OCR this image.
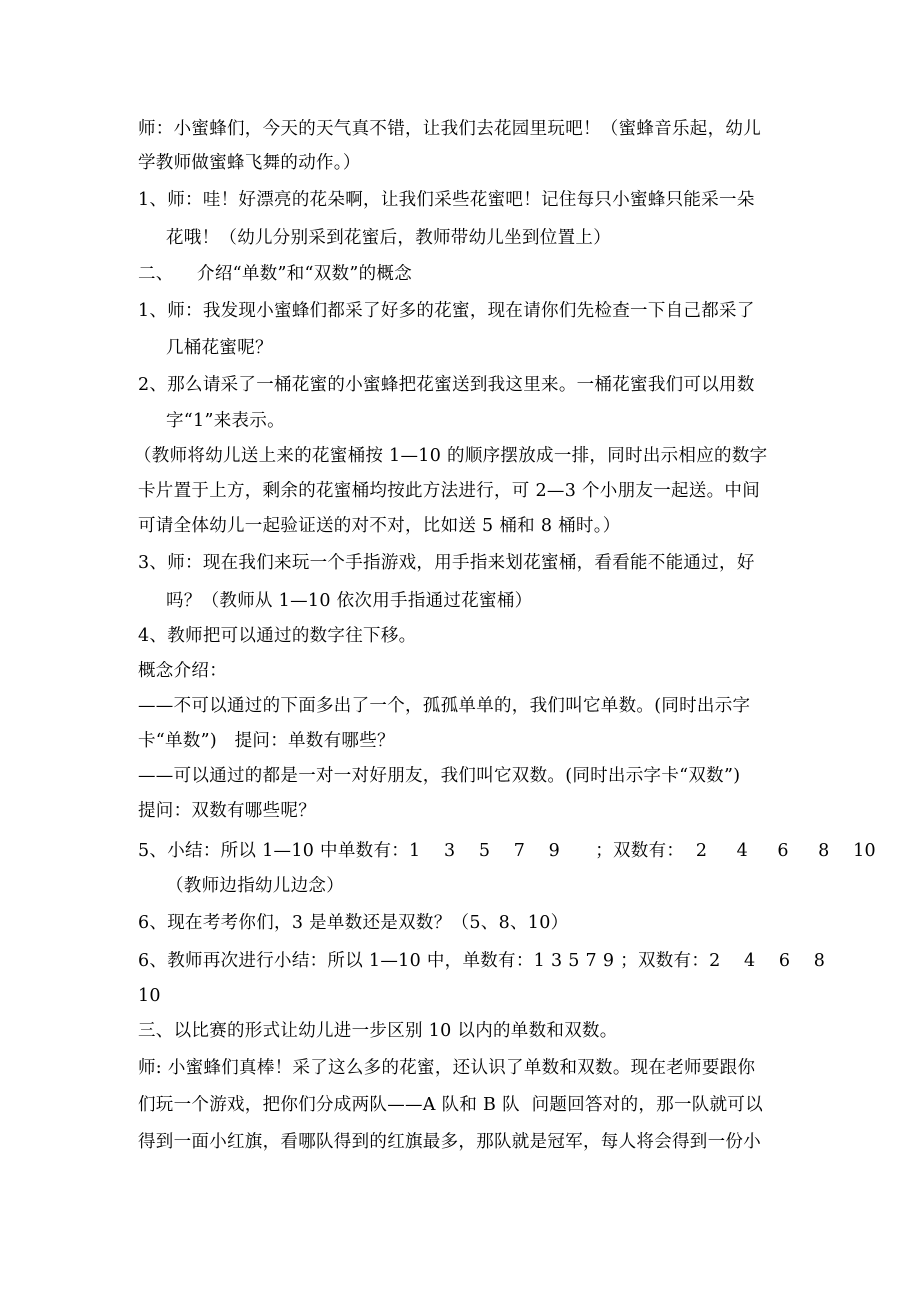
师：小蜜蜂们，今天的天气真不错，让我们去花园里玩吧！（蜜蜂音乐起，幼儿
学教师做蜜蜂飞舞的动作。）
1、师：哇！好漂亮的花朵啊，让我们采些花蜜吧！记住每只小蜜蜂只能采一朵
花哦！（幼儿分别采到花蜜后，教师带幼儿坐到位置上）
二、    介绍“单数”和“双数”的概念
1、师：我发现小蜜蜂们都采了好多的花蜜，现在请你们先检查一下自己都采了
几桶花蜜呢？
2、那么请采了一桶花蜜的小蜜蜂把花蜜送到我这里来。一桶花蜜我们可以用数
字“1”来表示。
（教师将幼儿送上来的花蜜桶按 1—10 的顺序摆放成一排，同时出示相应的数字
卡片置于上方，剩余的花蜜桶均按此方法进行，可 2—3 个小朋友一起送。中间
可请全体幼儿一起验证送的对不对，比如送 5 桶和 8 桶时。）
3、师：现在我们来玩一个手指游戏，用手指来划花蜜桶，看看能不能通过，好
吗？（教师从 1—10 依次用手指通过花蜜桶）
4、教师把可以通过的数字往下移。
概念介绍：
——不可以通过的下面多出了一个，孤孤单单的，我们叫它单数。(同时出示字
卡“单数”)   提问：单数有哪些？
——可以通过的都是一对一对好朋友，我们叫它双数。(同时出示字卡“双数”)
提问：双数有哪些呢？
5、小结：所以 1—10 中单数有：1    3    5    7    9      ；双数有：  2     4     6     8    10
（教师边指幼儿边念）
6、现在考考你们，3 是单数还是双数？（5、8、10）
6、教师再次进行小结：所以 1—10 中，单数有：1 3 5 7 9 ；双数有：2    4    6    8
10
三、以比赛的形式让幼儿进一步区别 10 以内的单数和双数。
师: 小蜜蜂们真棒！采了这么多的花蜜，还认识了单数和双数。现在老师要跟你
们玩一个游戏，把你们分成两队——A 队和 B 队  问题回答对的，那一队就可以
得到一面小红旗，看哪队得到的红旗最多，那队就是冠军，每人将会得到一份小
